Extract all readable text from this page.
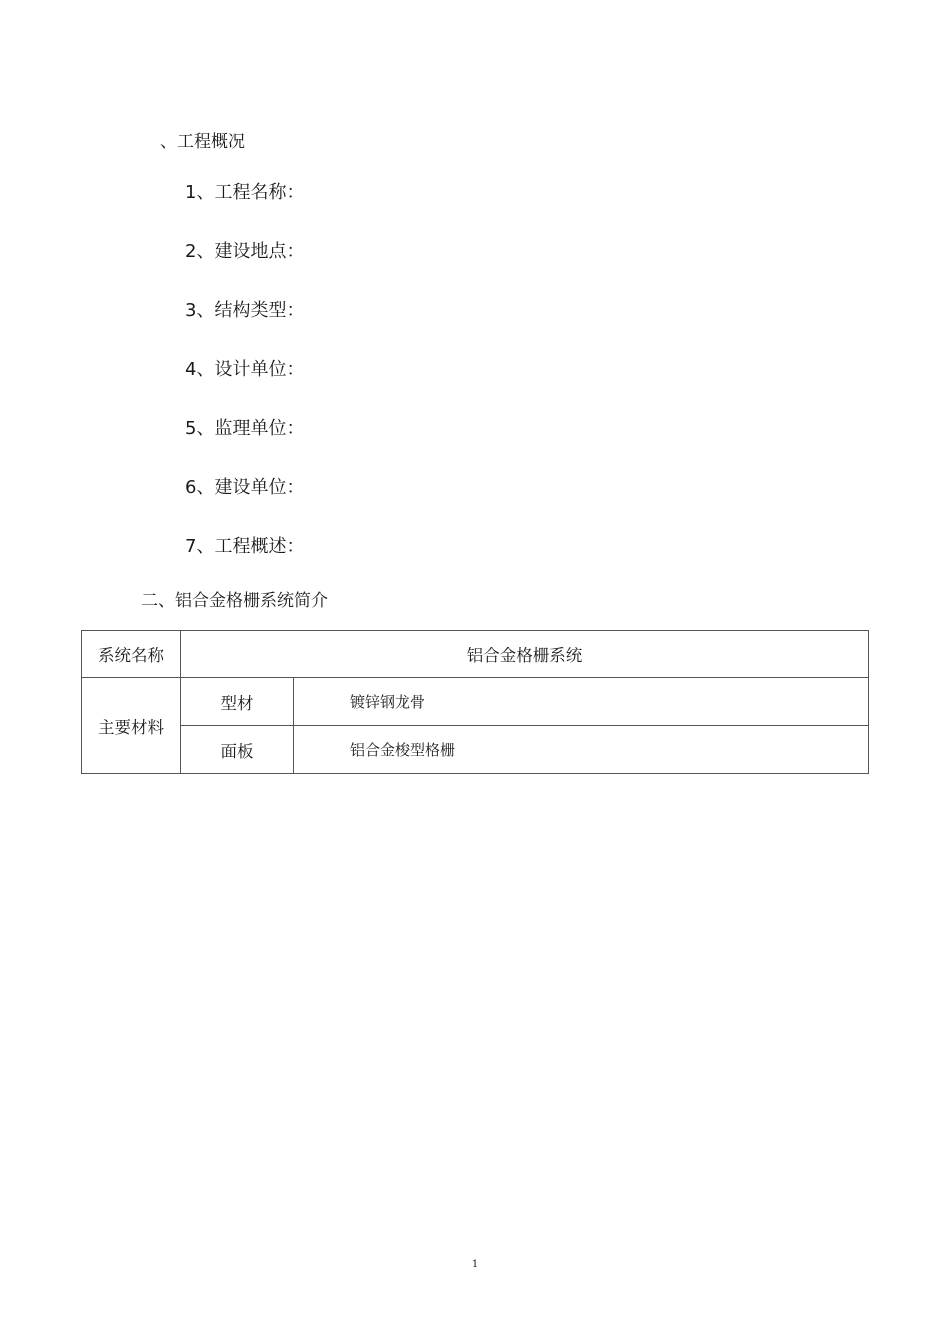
、工程概况
1、工程名称：
2、建设地点：
3、结构类型：
4、设计单位：
5、监理单位：
6、建设单位：
7、工程概述：
二、铝合金格栅系统简介
系统名称	铝合金格栅系统	
主要材料	型材	镀锌钢龙骨
	面板	铝合金梭型格栅
1
